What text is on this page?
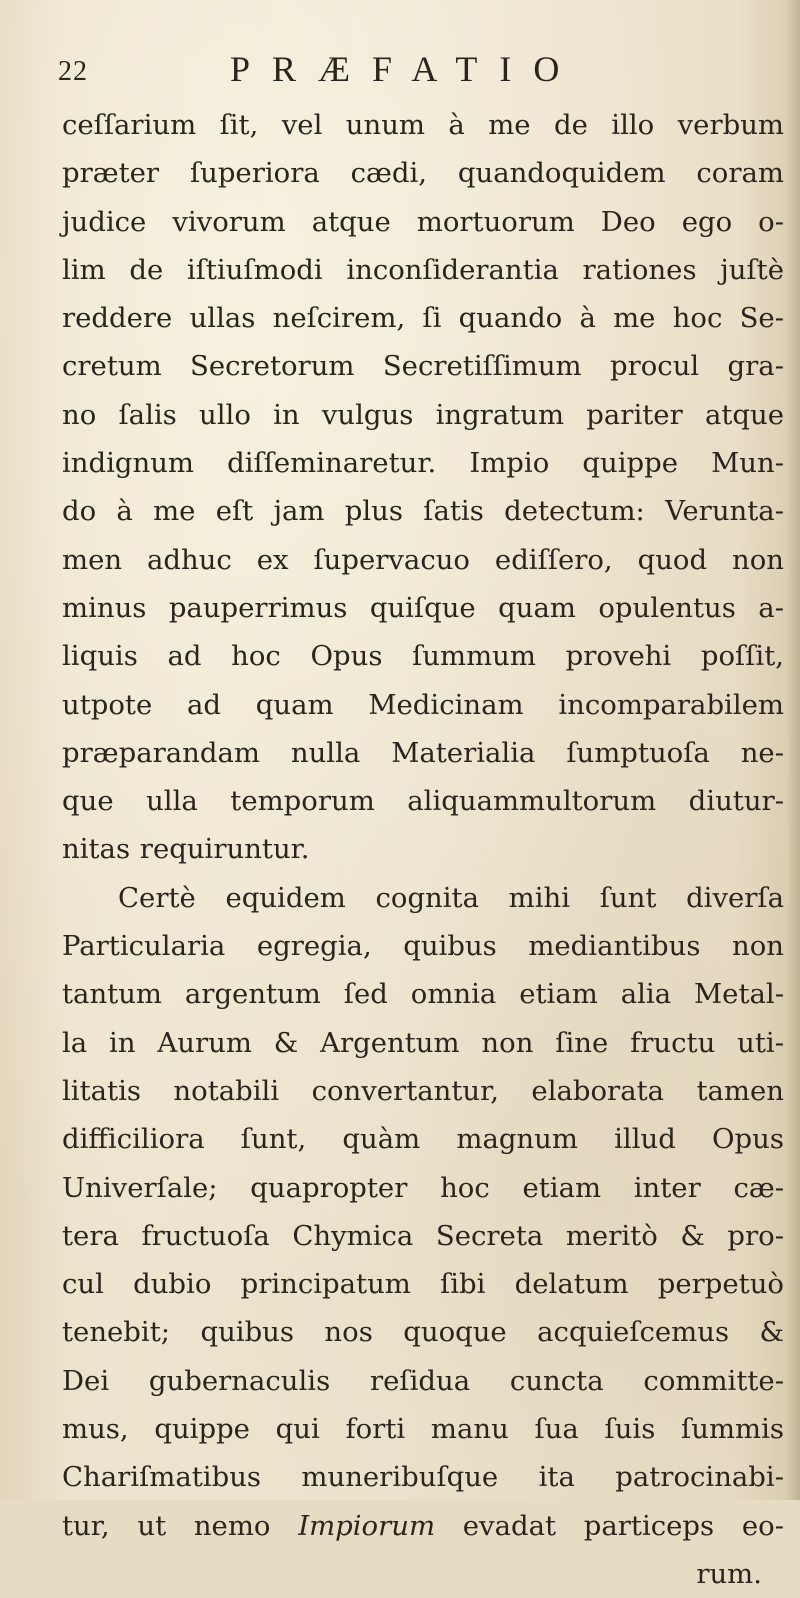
22	PRÆFATIO
ceſſarium ſit, vel unum à me de illo verbum
præter ſuperiora cædi, quandoquidem coram
judice vivorum atque mortuorum Deo ego o-
lim de iſtiuſmodi inconſiderantia rationes juſtè
reddere ullas neſcirem, ſi quando à me hoc Se-
cretum Secretorum Secretiſſimum procul gra-
no ſalis ullo in vulgus ingratum pariter atque
indignum diſſeminaretur. Impio quippe Mun-
do à me eſt jam plus ſatis detectum: Verunta-
men adhuc ex ſupervacuo ediſſero, quod non
minus pauperrimus quiſque quam opulentus a-
liquis ad hoc Opus ſummum provehi poſſit,
utpote ad quam Medicinam incomparabilem
præparandam nulla Materialia ſumptuoſa ne-
que ulla temporum aliquammultorum diutur-
nitas requiruntur.
Certè equidem cognita mihi ſunt diverſa
Particularia egregia, quibus mediantibus non
tantum argentum ſed omnia etiam alia Metal-
la in Aurum & Argentum non ſine fructu uti-
litatis notabili convertantur, elaborata tamen
difficiliora ſunt, quàm magnum illud Opus
Univerſale; quapropter hoc etiam inter cæ-
tera fructuoſa Chymica Secreta meritò & pro-
cul dubio principatum ſibi delatum perpetuò
tenebit; quibus nos quoque acquieſcemus &
Dei gubernaculis reſidua cuncta committe-
mus, quippe qui forti manu ſua ſuis ſummis
Chariſmatibus muneribuſque ita patrocinabi-
tur, ut nemo Impiorum evadat particeps eo-
rum.
